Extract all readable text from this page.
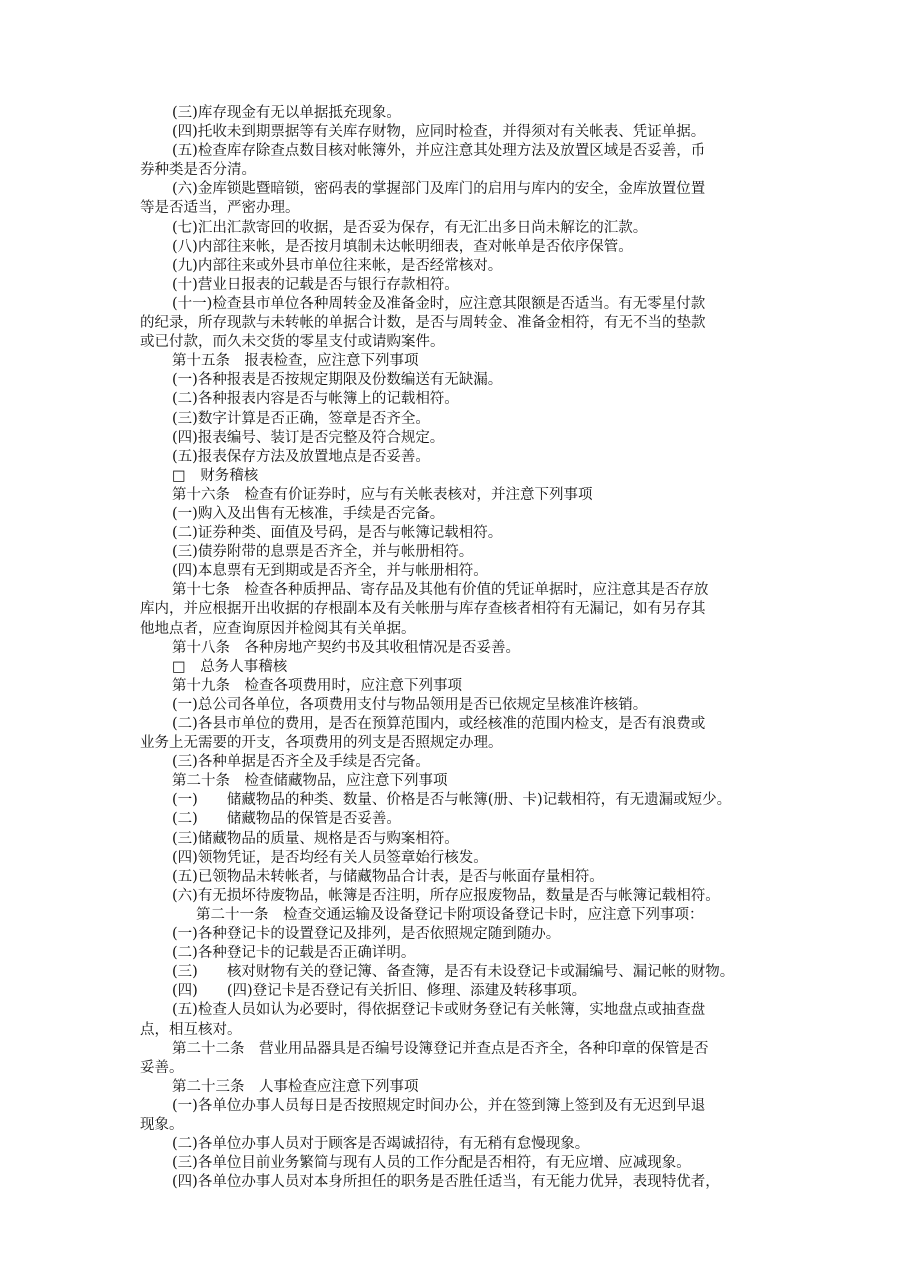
(三)库存现金有无以单据抵充现象。
(四)托收未到期票据等有关库存财物，应同时检查，并得须对有关帐表、凭证单据。
(五)检查库存除查点数目核对帐簿外，并应注意其处理方法及放置区域是否妥善，币
券种类是否分清。
(六)金库锁匙暨暗锁，密码表的掌握部门及库门的启用与库内的安全，金库放置位置
等是否适当，严密办理。
(七)汇出汇款寄回的收据，是否妥为保存，有无汇出多日尚未解讫的汇款。
(八)内部往来帐，是否按月填制未达帐明细表，查对帐单是否依序保管。
(九)内部往来或外县市单位往来帐，是否经常核对。
(十)营业日报表的记载是否与银行存款相符。
(十一)检查县市单位各种周转金及准备金时，应注意其限额是否适当。有无零星付款
的纪录，所存现款与未转帐的单据合计数，是否与周转金、准备金相符，有无不当的垫款
或已付款，而久未交货的零星支付或请购案件。
第十五条　报表检查，应注意下列事项
(一)各种报表是否按规定期限及份数编送有无缺漏。
(二)各种报表内容是否与帐簿上的记载相符。
(三)数字计算是否正确，签章是否齐全。
(四)报表编号、装订是否完整及符合规定。
(五)报表保存方法及放置地点是否妥善。
□　财务稽核
第十六条　检查有价证券时，应与有关帐表核对，并注意下列事项
(一)购入及出售有无核准，手续是否完备。
(二)证券种类、面值及号码，是否与帐簿记载相符。
(三)债券附带的息票是否齐全，并与帐册相符。
(四)本息票有无到期或是否齐全，并与帐册相符。
第十七条　检查各种质押品、寄存品及其他有价值的凭证单据时，应注意其是否存放
库内，并应根据开出收据的存根副本及有关帐册与库存查核者相符有无漏记，如有另存其
他地点者，应查询原因并检阅其有关单据。
第十八条　各种房地产契约书及其收租情况是否妥善。
□　总务人事稽核
第十九条　检查各项费用时，应注意下列事项
(一)总公司各单位，各项费用支付与物品领用是否已依规定呈核准许核销。
(二)各县市单位的费用，是否在预算范围内，或经核准的范围内检支，是否有浪费或
业务上无需要的开支，各项费用的列支是否照规定办理。
(三)各种单据是否齐全及手续是否完备。
第二十条　检查储藏物品，应注意下列事项
(一)　　储藏物品的种类、数量、价格是否与帐簿(册、卡)记载相符，有无遗漏或短少。
(二)　　储藏物品的保管是否妥善。
(三)储藏物品的质量、规格是否与购案相符。
(四)领物凭证，是否均经有关人员签章始行核发。
(五)已领物品未转帐者，与储藏物品合计表，是否与帐面存量相符。
(六)有无损坏待废物品，帐簿是否注明，所存应报废物品，数量是否与帐簿记载相符。
第二十一条　检查交通运输及设备登记卡附项设备登记卡时，应注意下列事项：
(一)各种登记卡的设置登记及排列，是否依照规定随到随办。
(二)各种登记卡的记载是否正确详明。
(三)　　核对财物有关的登记簿、备查簿，是否有未设登记卡或漏编号、漏记帐的财物。
(四)　　(四)登记卡是否登记有关折旧、修理、添建及转移事项。
(五)检查人员如认为必要时，得依据登记卡或财务登记有关帐簿，实地盘点或抽查盘
点，相互核对。
第二十二条　营业用品器具是否编号设簿登记并查点是否齐全，各种印章的保管是否
妥善。
第二十三条　人事检查应注意下列事项
(一)各单位办事人员每日是否按照规定时间办公，并在签到簿上签到及有无迟到早退
现象。
(二)各单位办事人员对于顾客是否竭诚招待，有无稍有怠慢现象。
(三)各单位目前业务繁简与现有人员的工作分配是否相符，有无应增、应减现象。
(四)各单位办事人员对本身所担任的职务是否胜任适当，有无能力优异，表现特优者，
